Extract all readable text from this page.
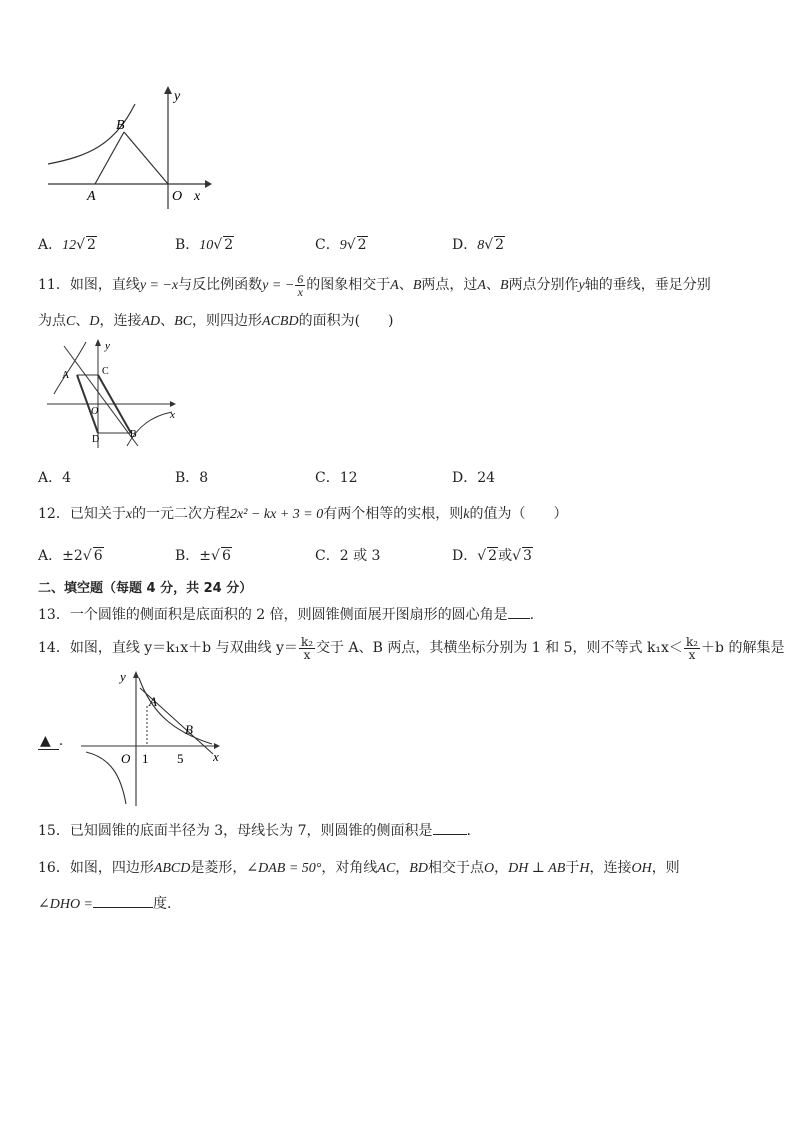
y
B
A	O x
A．12√ 2	B．10√ 2	C．9√ 2	D．8√ 2
11．如图，直线y = −x与反比例函数y = − $\frac{6}{x}$ 的图象相交于A、B两点，过A、B两点分别作y轴的垂线，垂足分别
为点C、D，连接AD、BC，则四边形ACBD的面积为(　　)
y
C
A
O
D	B
x
A．4	B．8	C．12	D．24
12．已知关于x的一元二次方程2x² − kx + 3 = 0有两个相等的实根，则k的值为（　　）
A．±2√ 6	B．±√ 6	C．2 或 3	D．√ 2或√ 3
二、填空题（每题 4 分，共 24 分）
13．一个圆锥的侧面积是底面积的 2 倍，则圆锥侧面展开图扇形的圆心角是 .
14．如图，直线 y＝k₁x＋b 与双曲线 $y= \frac{\text{k₂}}{x}$ 交于 A、B 两点，其横坐标分别为 1 和 5，则不等式 $k_1x< \frac{\text{k₂}}{x} +b$ 的解集是
▲ .
y
A
B
O 1 5 x
15．已知圆锥的底面半径为 3，母线长为 7，则圆锥的侧面积是 .
16．如图，四边形ABCD是菱形，∠DAB = 50°，对角线AC，BD相交于点O，DH ⊥ AB于H，连接OH，则
∠DHO =	度.
